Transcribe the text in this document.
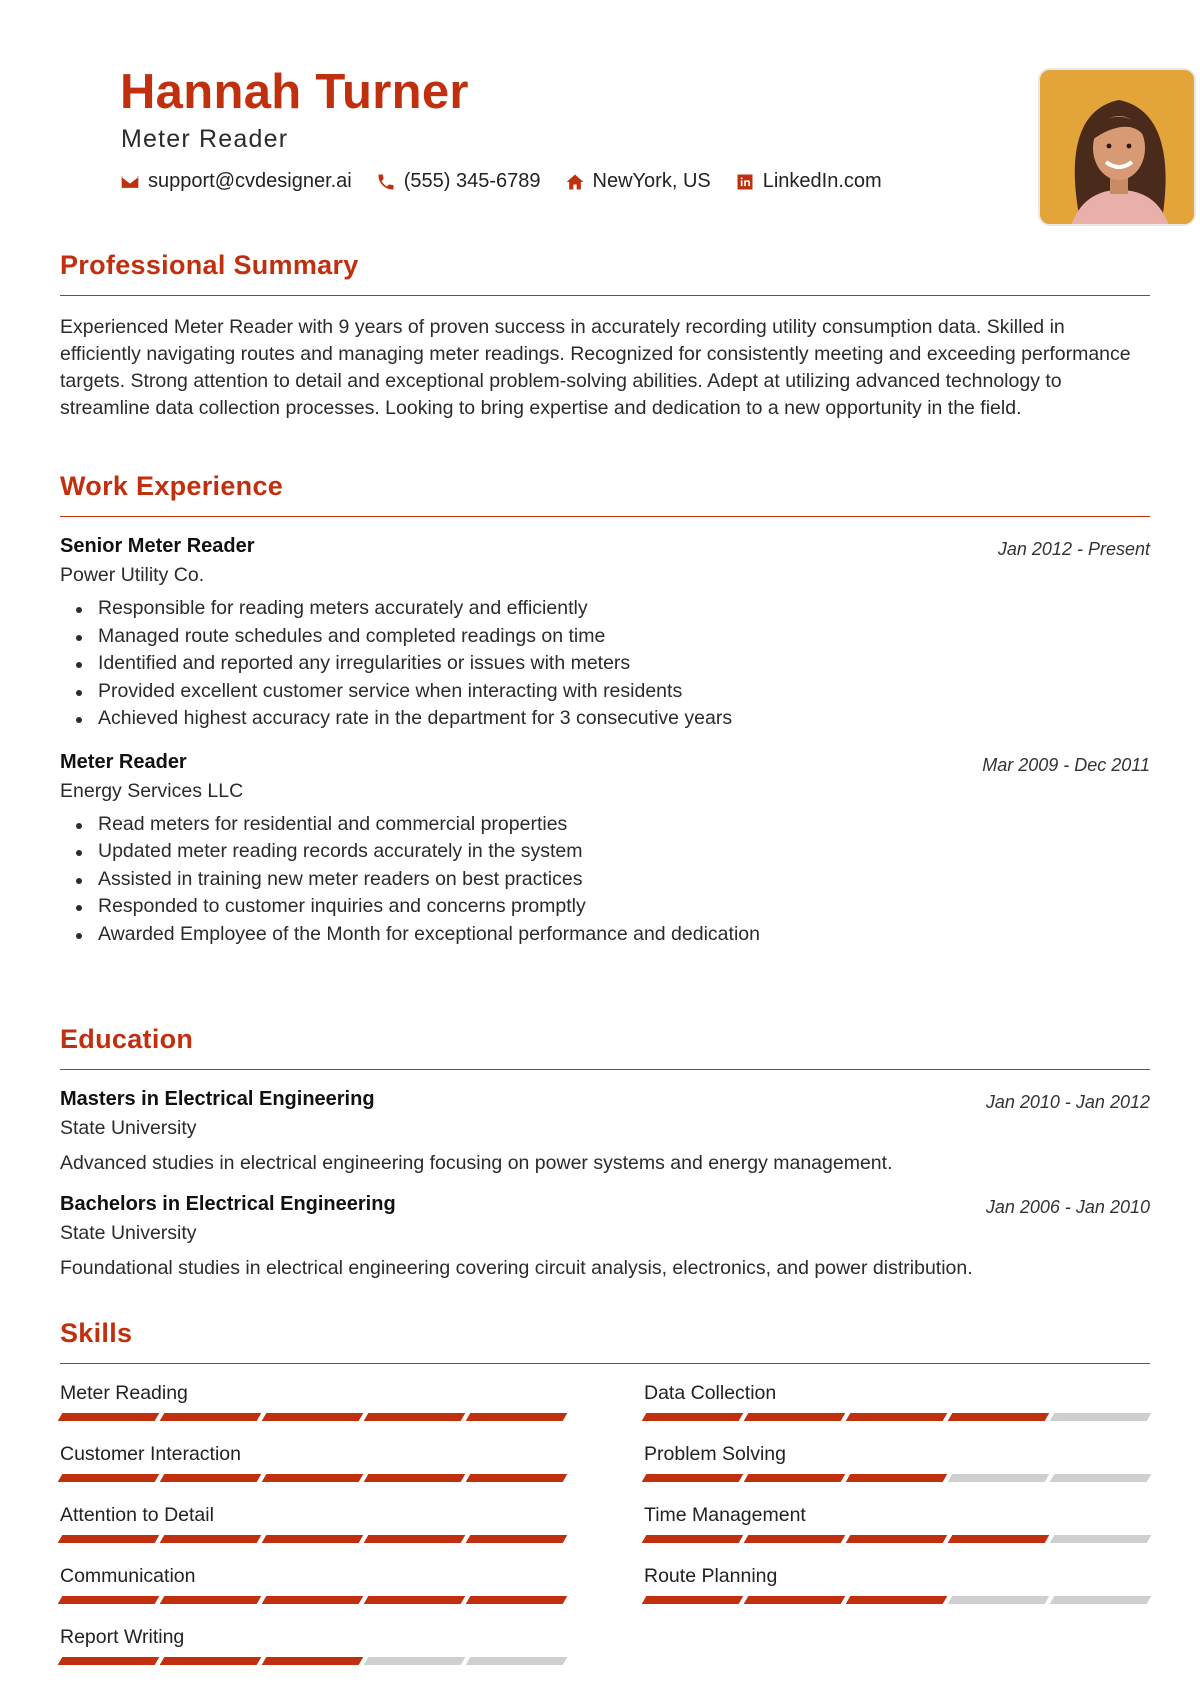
Hannah Turner
Meter Reader
support@cvdesigner.ai	(555) 345-6789	NewYork, US	LinkedIn.com
Professional Summary
Experienced Meter Reader with 9 years of proven success in accurately recording utility consumption data. Skilled in efficiently navigating routes and managing meter readings. Recognized for consistently meeting and exceeding performance targets. Strong attention to detail and exceptional problem-solving abilities. Adept at utilizing advanced technology to streamline data collection processes. Looking to bring expertise and dedication to a new opportunity in the field.
Work Experience
Senior Meter Reader	Jan 2012 - Present
Power Utility Co.
Responsible for reading meters accurately and efficiently
Managed route schedules and completed readings on time
Identified and reported any irregularities or issues with meters
Provided excellent customer service when interacting with residents
Achieved highest accuracy rate in the department for 3 consecutive years
Meter Reader	Mar 2009 - Dec 2011
Energy Services LLC
Read meters for residential and commercial properties
Updated meter reading records accurately in the system
Assisted in training new meter readers on best practices
Responded to customer inquiries and concerns promptly
Awarded Employee of the Month for exceptional performance and dedication
Education
Masters in Electrical Engineering	Jan 2010 - Jan 2012
State University
Advanced studies in electrical engineering focusing on power systems and energy management.
Bachelors in Electrical Engineering	Jan 2006 - Jan 2010
State University
Foundational studies in electrical engineering covering circuit analysis, electronics, and power distribution.
Skills
Meter Reading	Data Collection
Customer Interaction	Problem Solving
Attention to Detail	Time Management
Communication	Route Planning
Report Writing
